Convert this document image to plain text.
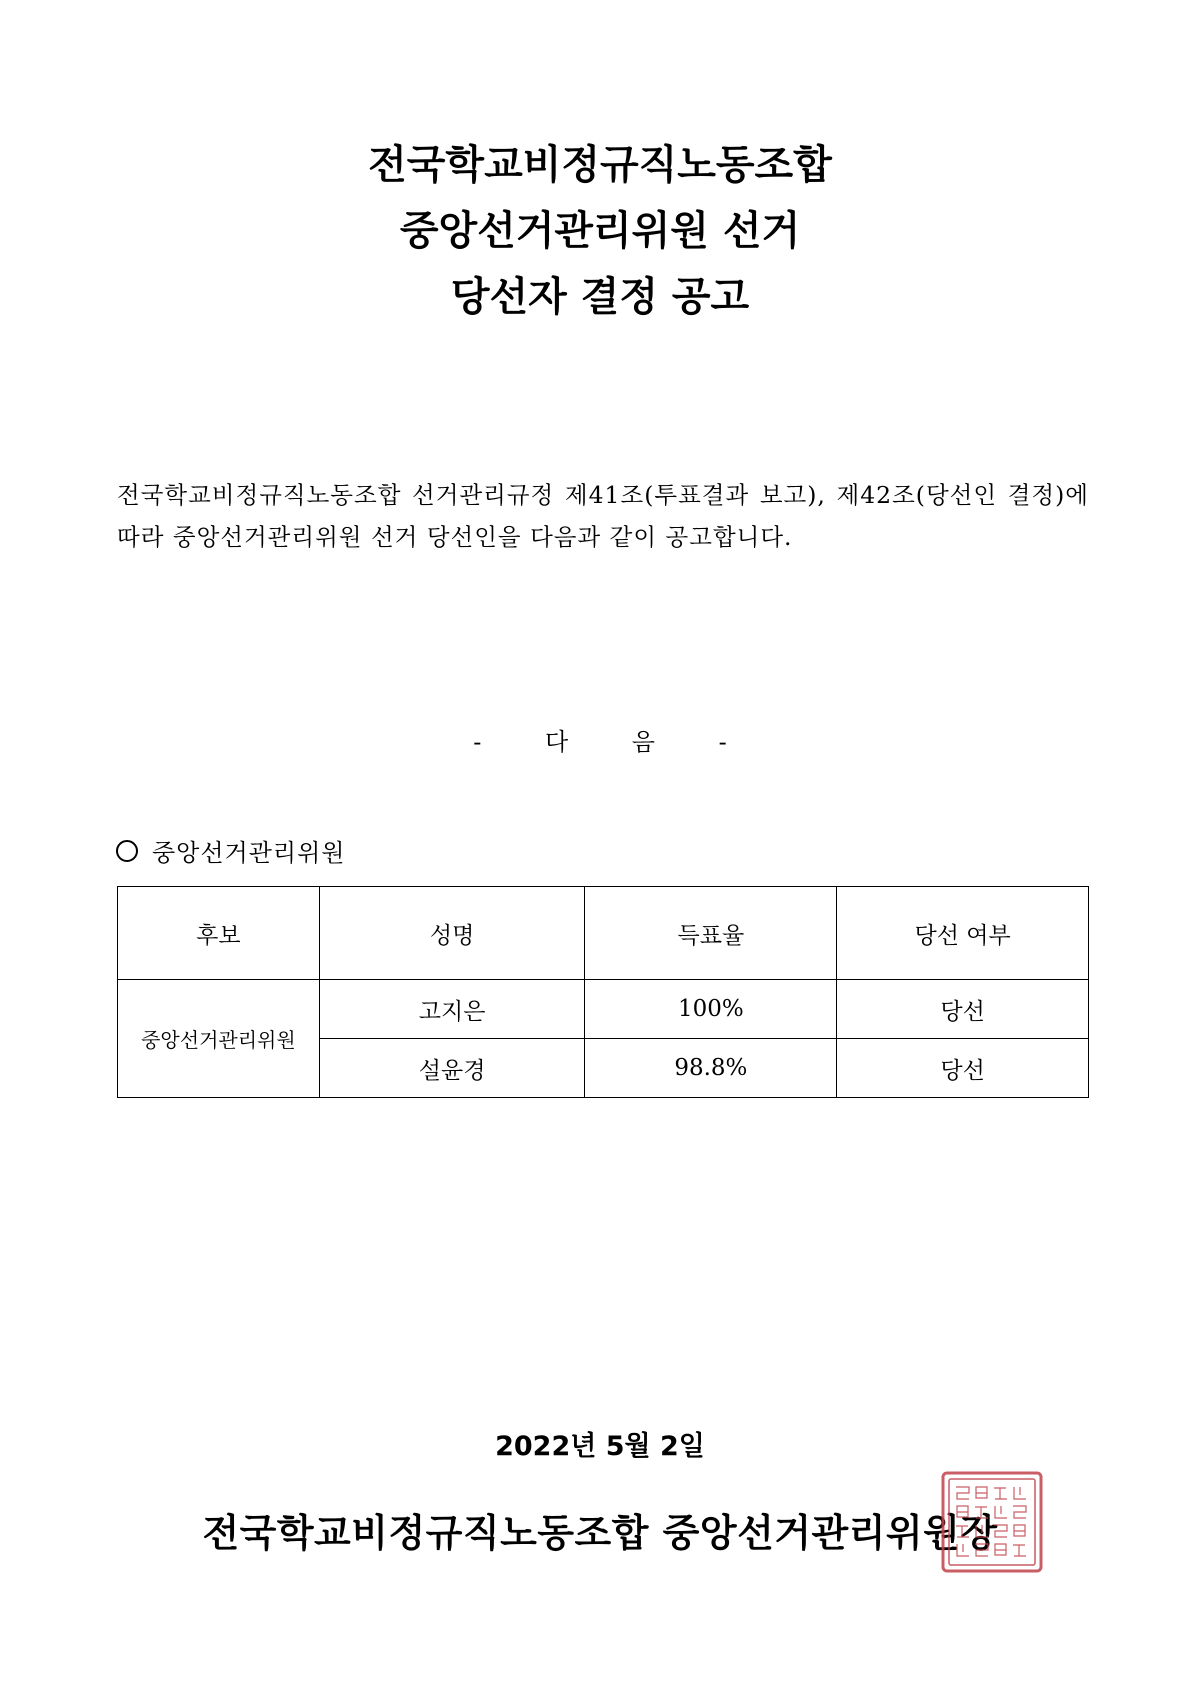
전국학교비정규직노동조합
중앙선거관리위원 선거
당선자 결정 공고

전국학교비정규직노동조합 선거관리규정 제41조(투표결과 보고), 제42조(당선인 결정)에 따라 중앙선거관리위원 선거 당선인을 다음과 같이 공고합니다.

- 다 음 -
중앙선거관리위원
후보	성명	득표율	당선 여부
중앙선거관리위원	고지은	100%	당선
	설윤경	98.8%	당선
2022년 5월 2일
전국학교비정규직노동조합 중앙선거관리위원장
